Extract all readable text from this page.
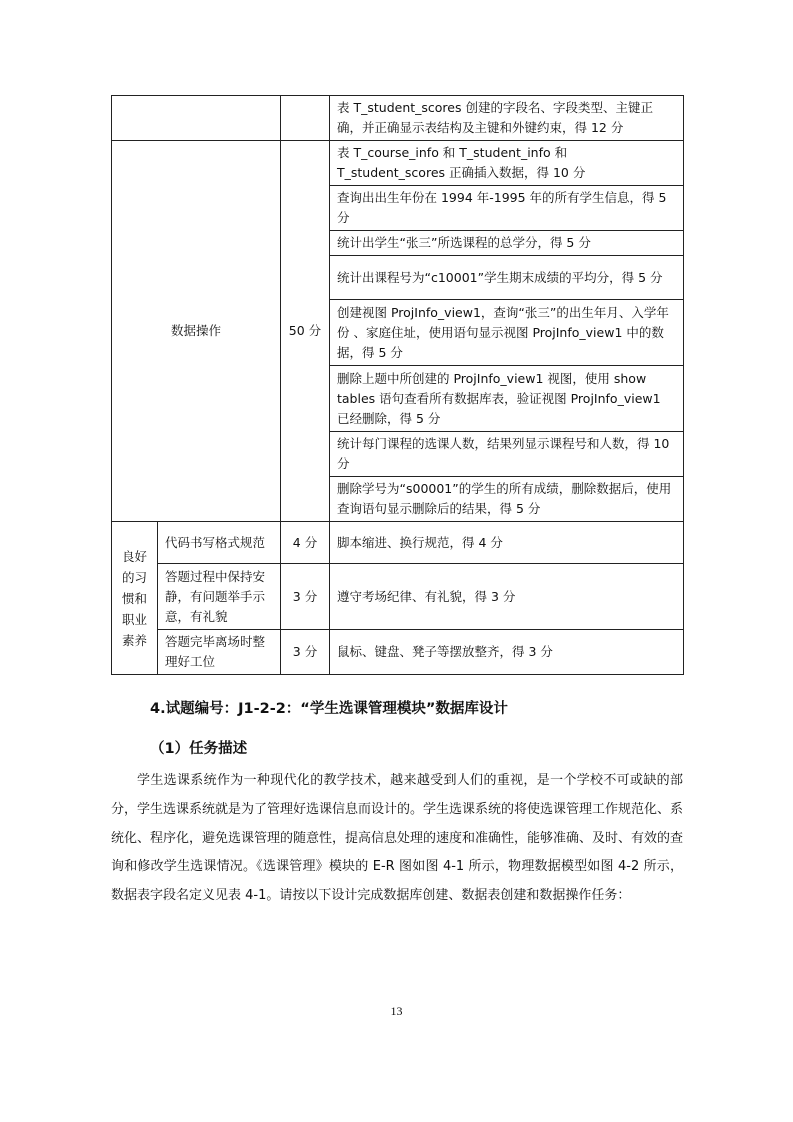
			表 T_student_scores 创建的字段名、字段类型、主键正确，并正确显示表结构及主键和外键约束，得 12 分
数据操作		50 分	表 T_course_info 和 T_student_info 和 T_student_scores 正确插入数据，得 10 分
			查询出出生年份在 1994 年-1995 年的所有学生信息，得 5 分
			统计出学生“张三”所选课程的总学分，得 5 分
			统计出课程号为“c10001”学生期末成绩的平均分，得 5 分
			创建视图 ProjInfo_view1，查询“张三”的出生年月、入学年份 、家庭住址，使用语句显示视图 ProjInfo_view1 中的数据，得 5 分
			删除上题中所创建的 ProjInfo_view1 视图，使用 show tables 语句查看所有数据库表，验证视图 ProjInfo_view1 已经删除，得 5 分
			统计每门课程的选课人数，结果列显示课程号和人数，得 10 分
			删除学号为“s00001”的学生的所有成绩，删除数据后，使用查询语句显示删除后的结果，得 5 分
良好的习惯和职业素养	代码书写格式规范	4 分	脚本缩进、换行规范，得 4 分
	答题过程中保持安静，有问题举手示意，有礼貌	3 分	遵守考场纪律、有礼貌，得 3 分
	答题完毕离场时整理好工位	3 分	鼠标、键盘、凳子等摆放整齐，得 3 分
4.试题编号：J1-2-2：“学生选课管理模块”数据库设计
（1）任务描述

学生选课系统作为一种现代化的教学技术，越来越受到人们的重视，是一个学校不可或缺的部分，学生选课系统就是为了管理好选课信息而设计的。学生选课系统的将使选课管理工作规范化、系统化、程序化，避免选课管理的随意性，提高信息处理的速度和准确性，能够准确、及时、有效的查询和修改学生选课情况。《选课管理》模块的 E-R 图如图 4-1 所示，物理数据模型如图 4-2 所示，数据表字段名定义见表 4-1。请按以下设计完成数据库创建、数据表创建和数据操作任务：

13
